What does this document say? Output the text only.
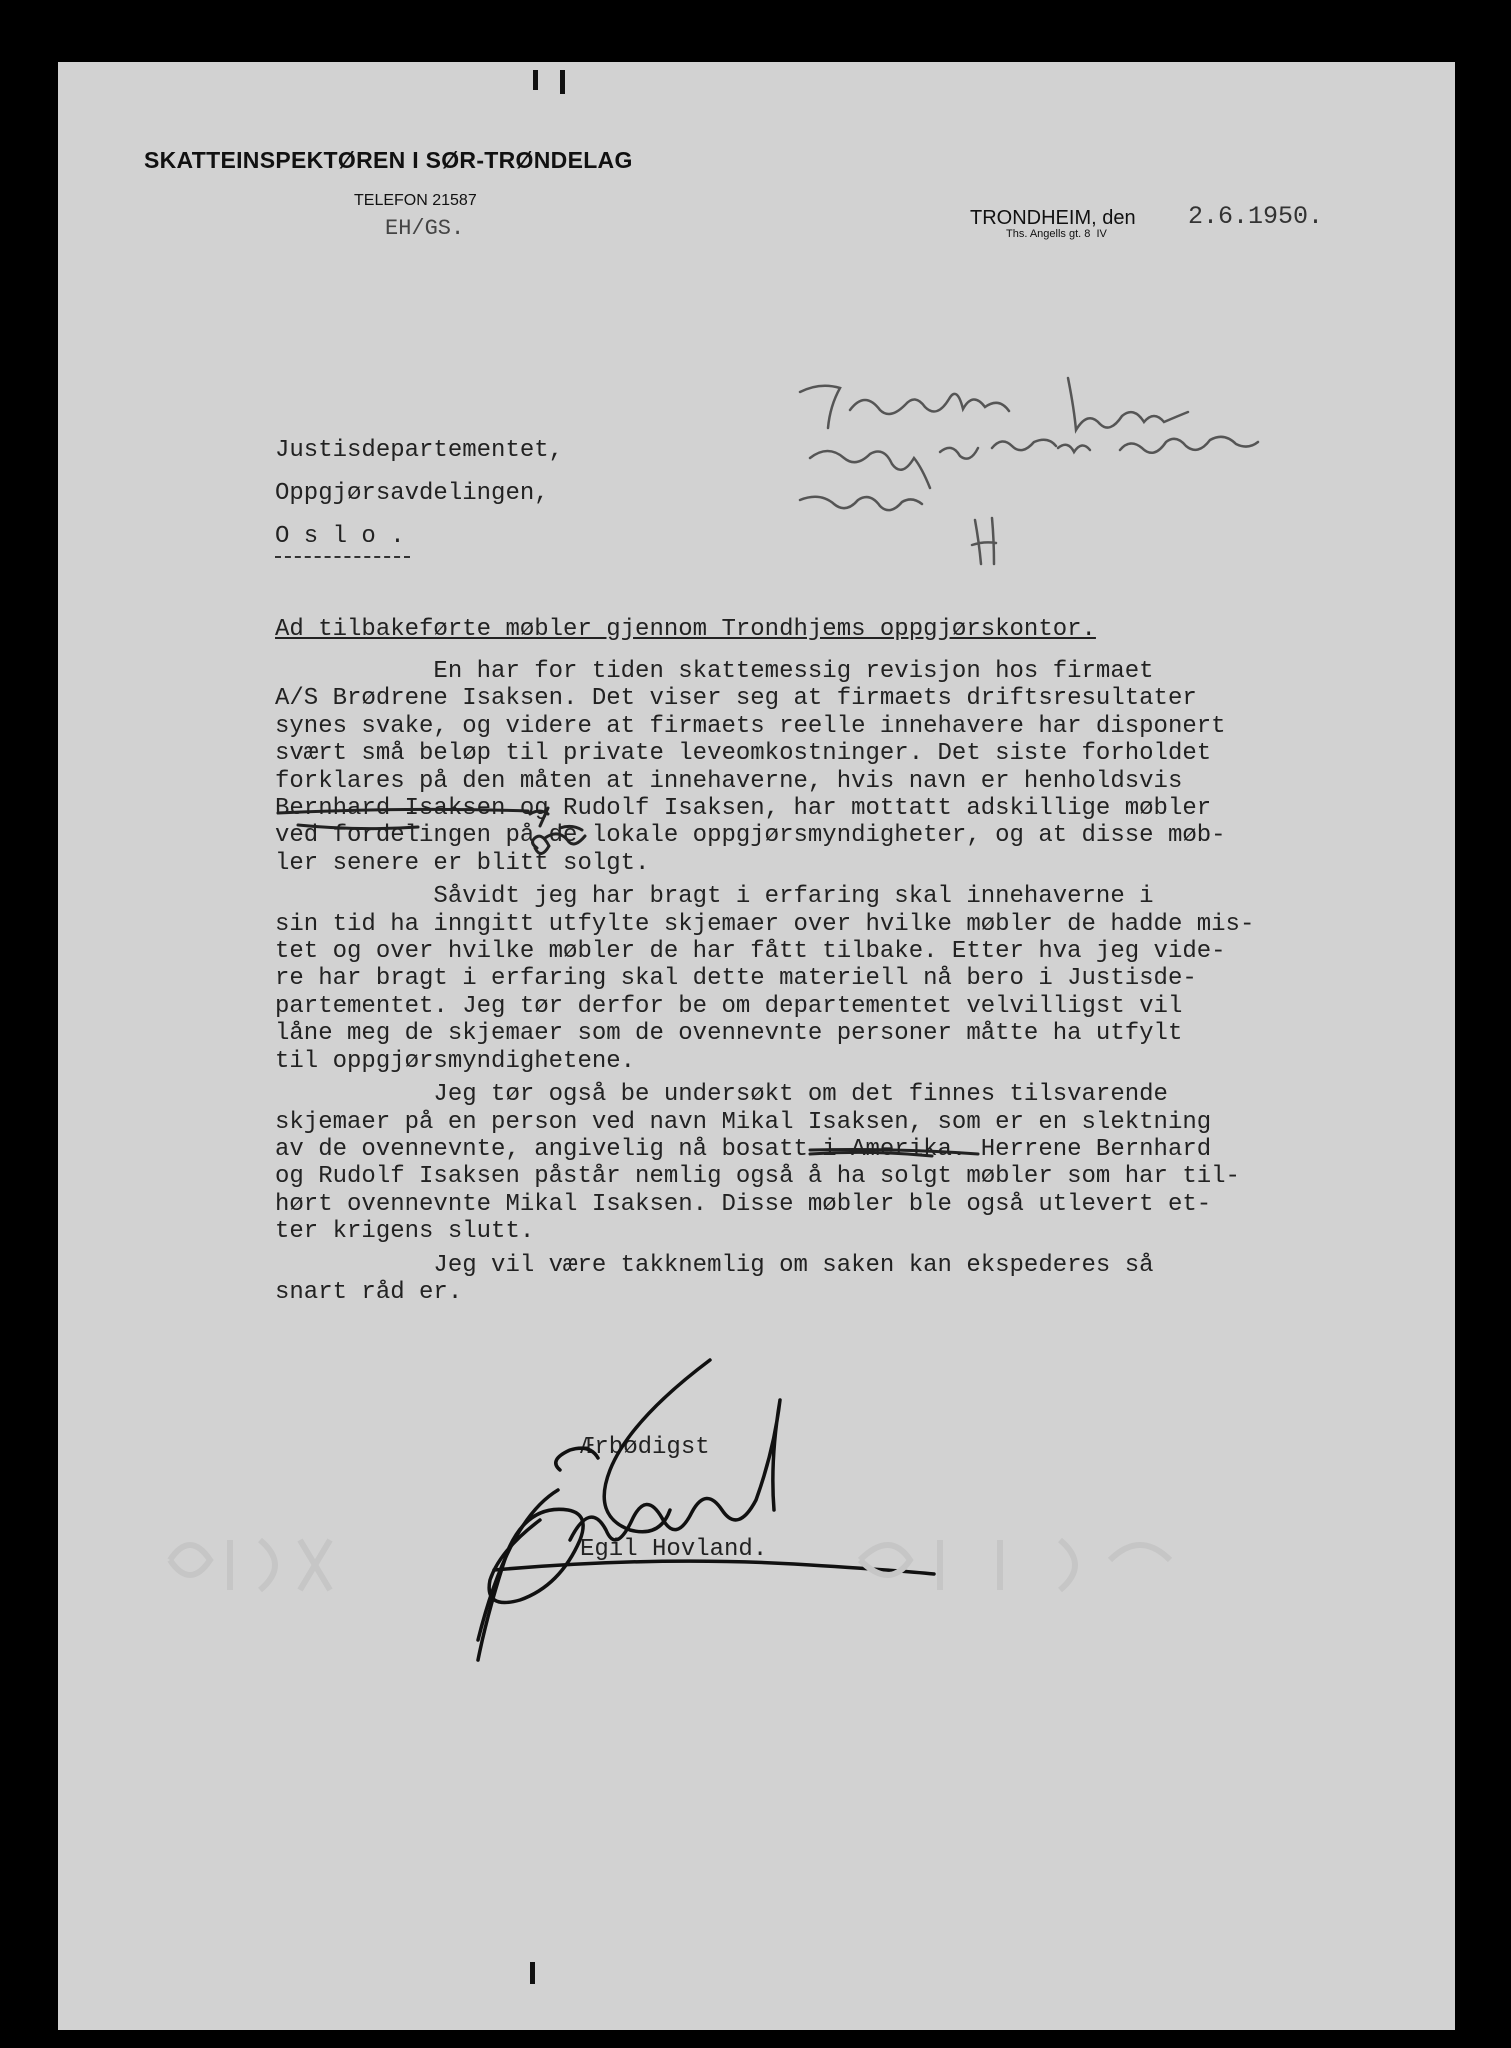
SKATTEINSPEKTØREN I SØR-TRØNDELAG
TELEFON 21587
EH/GS.	TRONDHEIM, den 2.6.1950.
Ths. Angells gt. 8  IV
Justisdepartementet,
Oppgjørsavdelingen,
O s l o .
Ad tilbakeførte møbler gjennom Trondhjems oppgjørskontor.
En har for tiden skattemessig revisjon hos firmaet
A/S Brødrene Isaksen. Det viser seg at firmaets driftsresultater
synes svake, og videre at firmaets reelle innehavere har disponert
svært små beløp til private leveomkostninger. Det siste forholdet
forklares på den måten at innehaverne, hvis navn er henholdsvis
Bernhard Isaksen og Rudolf Isaksen, har mottatt adskillige møbler
ved fordelingen på de lokale oppgjørsmyndigheter, og at disse møb-
ler senere er blitt solgt.
Såvidt jeg har bragt i erfaring skal innehaverne i
sin tid ha inngitt utfylte skjemaer over hvilke møbler de hadde mis-
tet og over hvilke møbler de har fått tilbake. Etter hva jeg vide-
re har bragt i erfaring skal dette materiell nå bero i Justisde-
partementet. Jeg tør derfor be om departementet velvilligst vil
låne meg de skjemaer som de ovennevnte personer måtte ha utfylt
til oppgjørsmyndighetene.
Jeg tør også be undersøkt om det finnes tilsvarende
skjemaer på en person ved navn Mikal Isaksen, som er en slektning
av de ovennevnte, angivelig nå bosatt i Amerika. Herrene Bernhard
og Rudolf Isaksen påstår nemlig også å ha solgt møbler som har til-
hørt ovennevnte Mikal Isaksen. Disse møbler ble også utlevert et-
ter krigens slutt.
Jeg vil være takknemlig om saken kan ekspederes så
snart råd er.
Ærbødigst
Egil Hovland.
